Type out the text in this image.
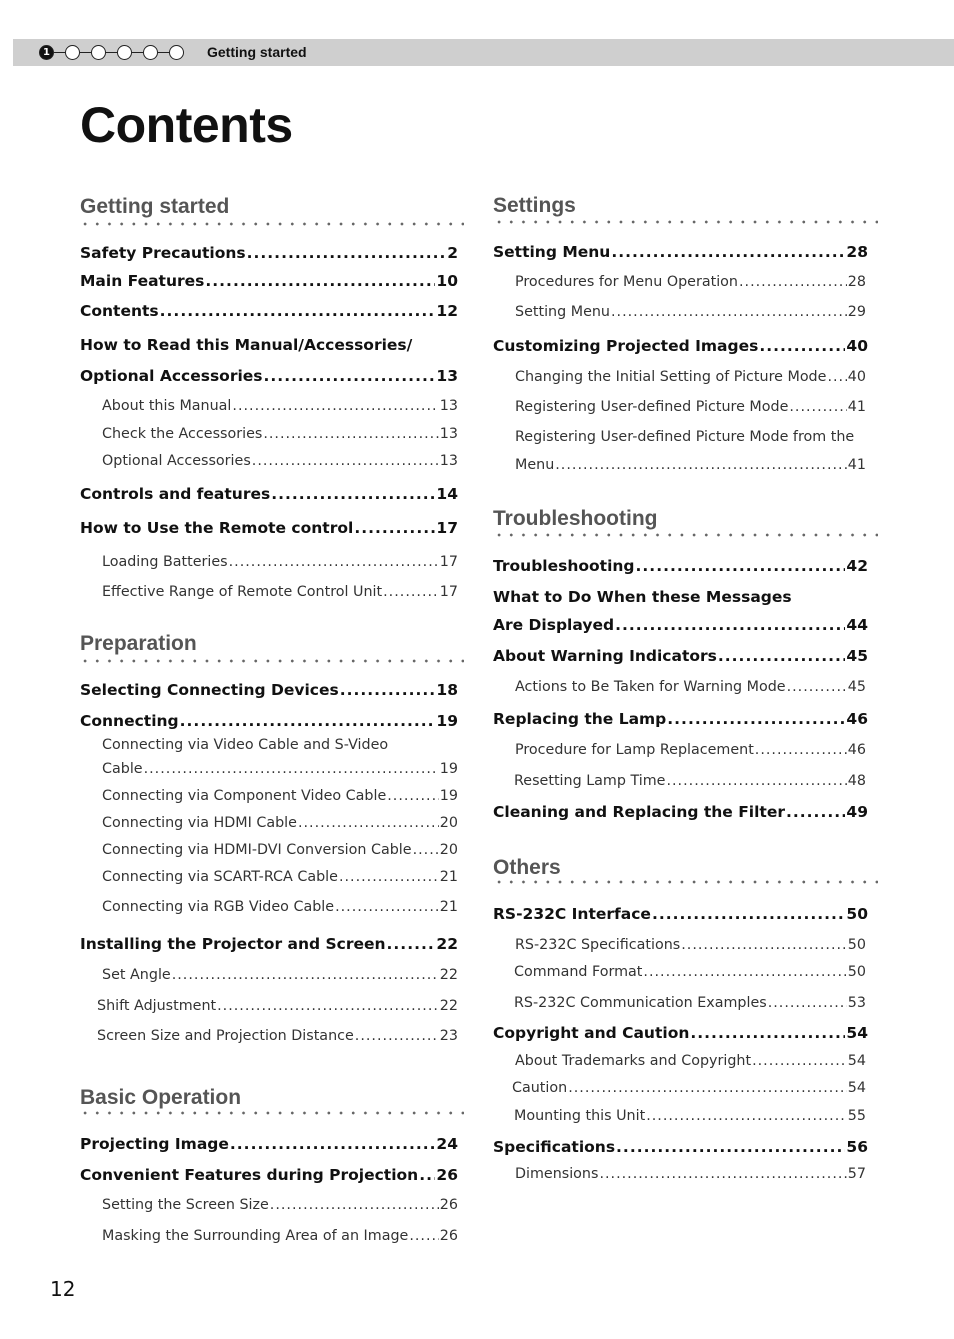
1	Getting started
Contents
Getting started
Safety Precautions .....	2
Main Features .....	10
Contents .....	12
How to Read this Manual/Accessories/
Optional Accessories .....	13
About this Manual .....	13
Check the Accessories .....	13
Optional Accessories .....	13
Controls and features .....	14
How to Use the Remote control .....	17
Loading Batteries .....	17
Effective Range of Remote Control Unit .....	17
Preparation
Selecting Connecting Devices .....	18
Connecting .....	19
Connecting via Video Cable and S-Video
Cable .....	19
Connecting via Component Video Cable .....	19
Connecting via HDMI Cable .....	20
Connecting via HDMI-DVI Conversion Cable ..... 20
Connecting via SCART-RCA Cable .....	21
Connecting via RGB Video Cable .....	21
Installing the Projector and Screen .....	22
Set Angle .....	22
Shift Adjustment .....	22
Screen Size and Projection Distance .....	23
Basic Operation
Projecting Image .....	24
Convenient Features during Projection ..... 26
Setting the Screen Size .....	26
Masking the Surrounding Area of an Image ..... 26
Settings
Setting Menu .....	28
Procedures for Menu Operation .....	28
Setting Menu .....	29
Customizing Projected Images .....	40
Changing the Initial Setting of Picture Mode ..... 40
Registering User-defined Picture Mode .....	41
Registering User-defined Picture Mode from the
Menu .....	41
Troubleshooting
Troubleshooting .....	42
What to Do When these Messages
Are Displayed .....	44
About Warning Indicators .....	45
Actions to Be Taken for Warning Mode .....	45
Replacing the Lamp .....	46
Procedure for Lamp Replacement .....	46
Resetting Lamp Time .....	48
Cleaning and Replacing the Filter .....	49
Others
RS-232C Interface .....	50
RS-232C Specifications .....	50
Command Format .....	50
RS-232C Communication Examples .....	53
Copyright and Caution .....	54
About Trademarks and Copyright .....	54
Caution .....	54
Mounting this Unit .....	55
Specifications .....	56
Dimensions .....	57
12
